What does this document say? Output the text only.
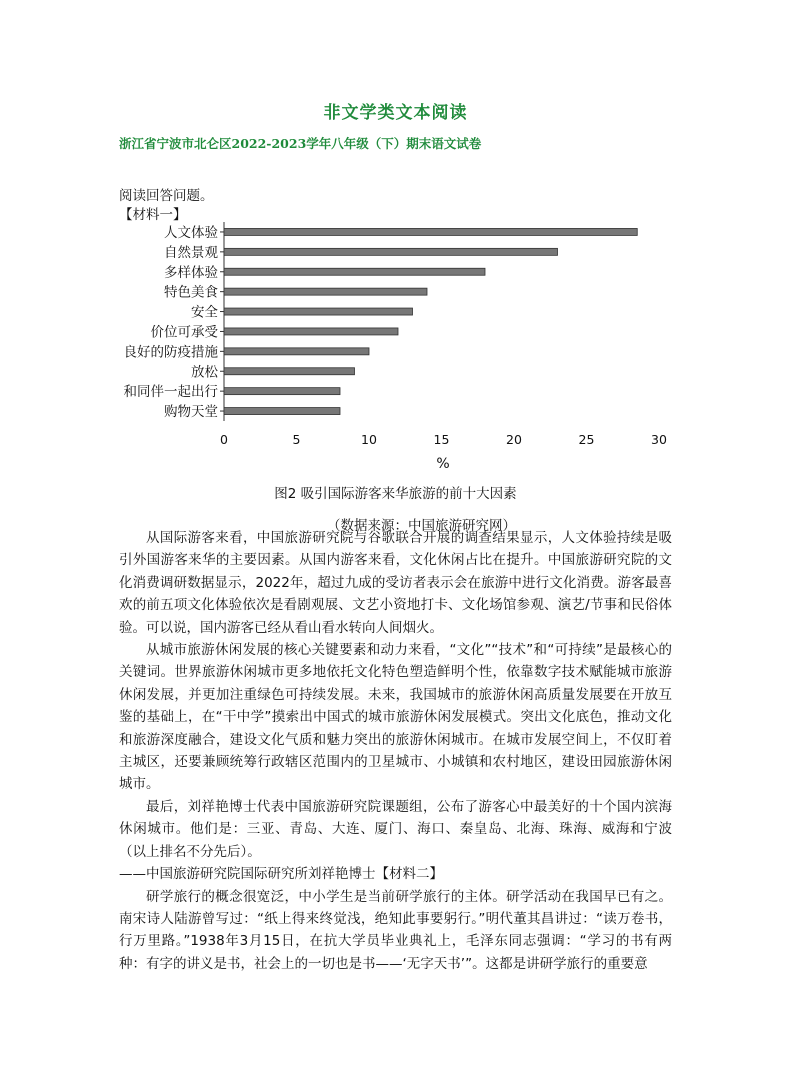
非文学类文本阅读
浙江省宁波市北仑区2022-2023学年八年级（下）期末语文试卷
阅读回答问题。
【材料一】
人文体验
自然景观
多样体验
特色美食
安全
价位可承受
良好的防疫措施
放松
和同伴一起出行
购物天堂
0	5	10	15	20	25	30
%
图2 吸引国际游客来华旅游的前十大因素
（数据来源：中国旅游研究网）

从国际游客来看，中国旅游研究院与谷歌联合开展的调查结果显示，人文体验持续是吸引外国游客来华的主要因素。从国内游客来看，文化休闲占比在提升。中国旅游研究院的文化消费调研数据显示，2022年，超过九成的受访者表示会在旅游中进行文化消费。游客最喜欢的前五项文化体验依次是看剧观展、文艺小资地打卡、文化场馆参观、演艺/节事和民俗体验。可以说，国内游客已经从看山看水转向人间烟火。

从城市旅游休闲发展的核心关键要素和动力来看，“文化”“技术”和“可持续”是最核心的关键词。世界旅游休闲城市更多地依托文化特色塑造鲜明个性，依靠数字技术赋能城市旅游休闲发展，并更加注重绿色可持续发展。未来，我国城市的旅游休闲高质量发展要在开放互鉴的基础上，在“干中学”摸索出中国式的城市旅游休闲发展模式。突出文化底色，推动文化和旅游深度融合，建设文化气质和魅力突出的旅游休闲城市。在城市发展空间上，不仅盯着主城区，还要兼顾统筹行政辖区范围内的卫星城市、小城镇和农村地区，建设田园旅游休闲城市。

最后，刘祥艳博士代表中国旅游研究院课题组，公布了游客心中最美好的十个国内滨海休闲城市。他们是：三亚、青岛、大连、厦门、海口、秦皇岛、北海、珠海、威海和宁波（以上排名不分先后）。

——中国旅游研究院国际研究所刘祥艳博士【材料二】

研学旅行的概念很宽泛，中小学生是当前研学旅行的主体。研学活动在我国早已有之。南宋诗人陆游曾写过：“纸上得来终觉浅，绝知此事要躬行。”明代董其昌讲过：“读万卷书，行万里路。”1938年3月15日，在抗大学员毕业典礼上，毛泽东同志强调：“学习的书有两种：有字的讲义是书，社会上的一切也是书——‘无字天书’”。这都是讲研学旅行的重要意
